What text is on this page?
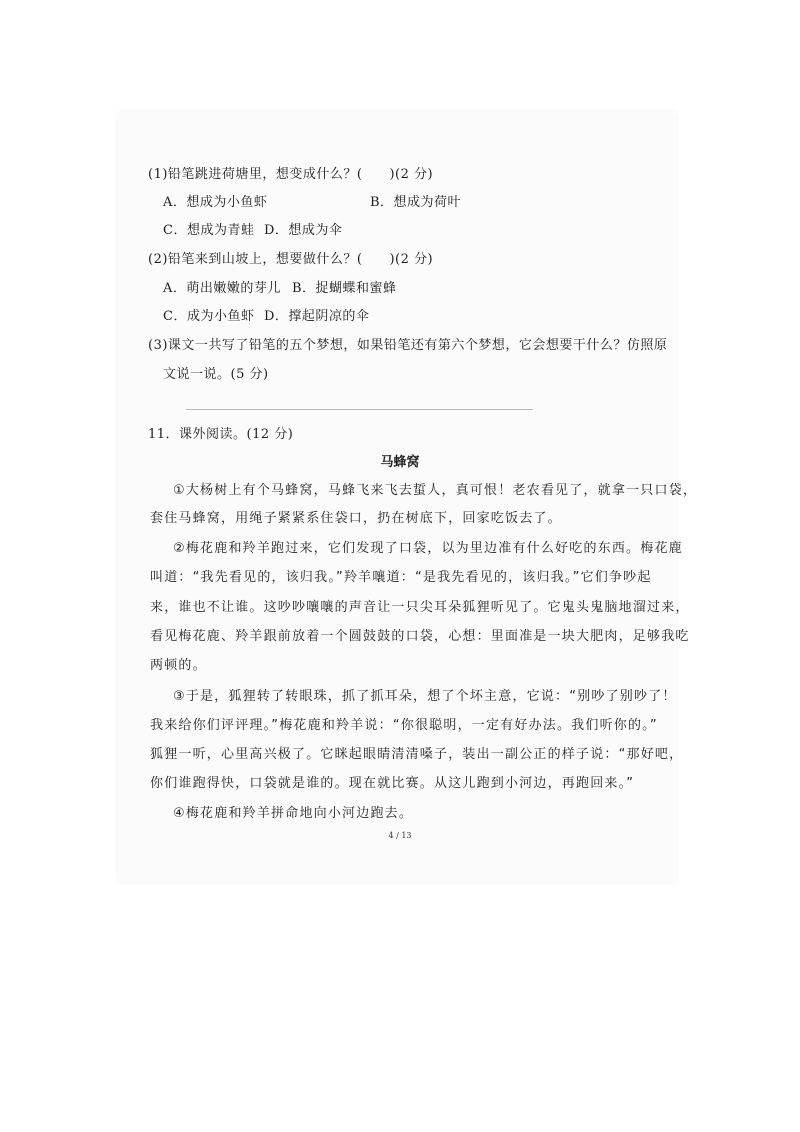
(1)铅笔跳进荷塘里，想变成什么？(　　)(2 分)
A．想成为小鱼虾	B．想成为荷叶
C．想成为青蛙 D．想成为伞
(2)铅笔来到山坡上，想要做什么？(　　)(2 分)
A．萌出嫩嫩的芽儿 B．捉蝴蝶和蜜蜂
C．成为小鱼虾 D．撑起阴凉的伞
(3)课文一共写了铅笔的五个梦想，如果铅笔还有第六个梦想，它会想要干什么？仿照原
文说一说。(5 分)
11．课外阅读。(12 分)
马蜂窝
①大杨树上有个马蜂窝，马蜂飞来飞去蜇人，真可恨！老农看见了，就拿一只口袋，
套住马蜂窝，用绳子紧紧系住袋口，扔在树底下，回家吃饭去了。
②梅花鹿和羚羊跑过来，它们发现了口袋，以为里边准有什么好吃的东西。梅花鹿
叫道：“我先看见的，该归我。”羚羊嚷道：“是我先看见的，该归我。”它们争吵起
来，谁也不让谁。这吵吵嚷嚷的声音让一只尖耳朵狐狸听见了。它鬼头鬼脑地溜过来，
看见梅花鹿、羚羊跟前放着一个圆鼓鼓的口袋，心想：里面准是一块大肥肉，足够我吃
两顿的。
③于是，狐狸转了转眼珠，抓了抓耳朵，想了个坏主意，它说：“别吵了别吵了！
我来给你们评评理。”梅花鹿和羚羊说：“你很聪明，一定有好办法。我们听你的。”
狐狸一听，心里高兴极了。它眯起眼睛清清嗓子，装出一副公正的样子说：“那好吧，
你们谁跑得快，口袋就是谁的。现在就比赛。从这儿跑到小河边，再跑回来。”
④梅花鹿和羚羊拼命地向小河边跑去。
4 / 13
